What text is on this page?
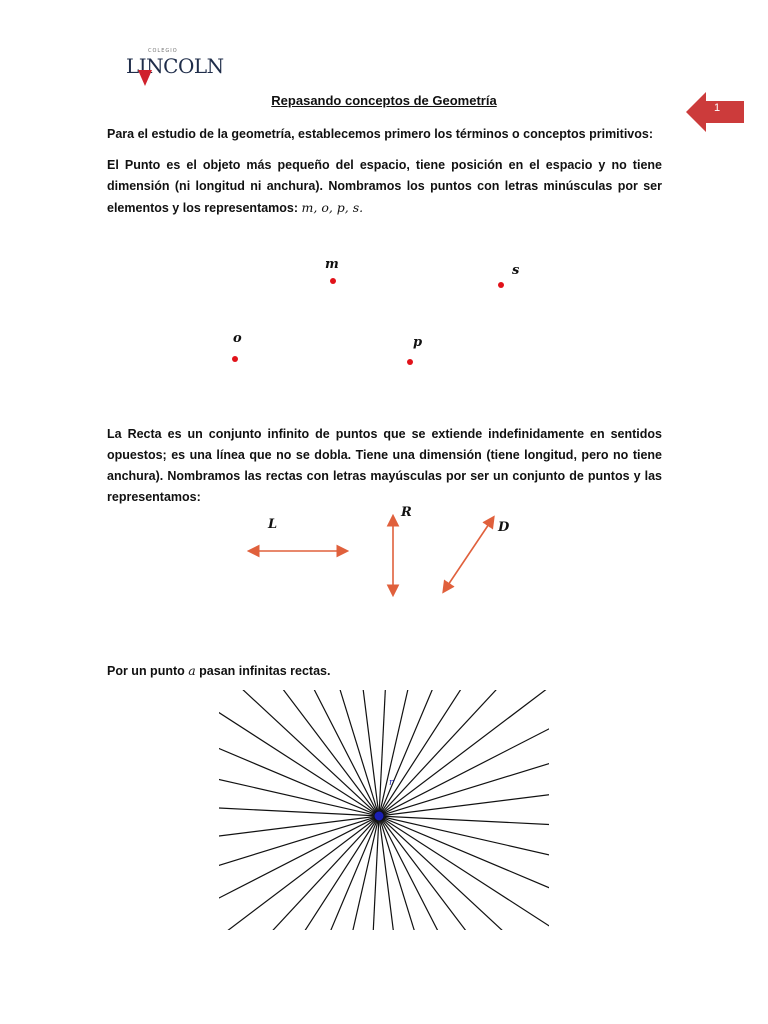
COLEGIO
LINCOLN
1
Repasando conceptos de Geometría
Para el estudio de la geometría, establecemos primero los términos o conceptos primitivos:
El Punto es el objeto más pequeño del espacio, tiene posición en el espacio y no tiene dimensión (ni longitud ni anchura). Nombramos los puntos con letras minúsculas por ser elementos y los representamos: m, o, p, s.
m	s
o	p
La Recta es un conjunto infinito de puntos que se extiende indefinidamente en sentidos opuestos; es una línea que no se dobla. Tiene una dimensión (tiene longitud, pero no tiene anchura). Nombramos las rectas con letras mayúsculas por ser un conjunto de puntos y las representamos:
L
R
D
Por un punto a pasan infinitas rectas.
r
